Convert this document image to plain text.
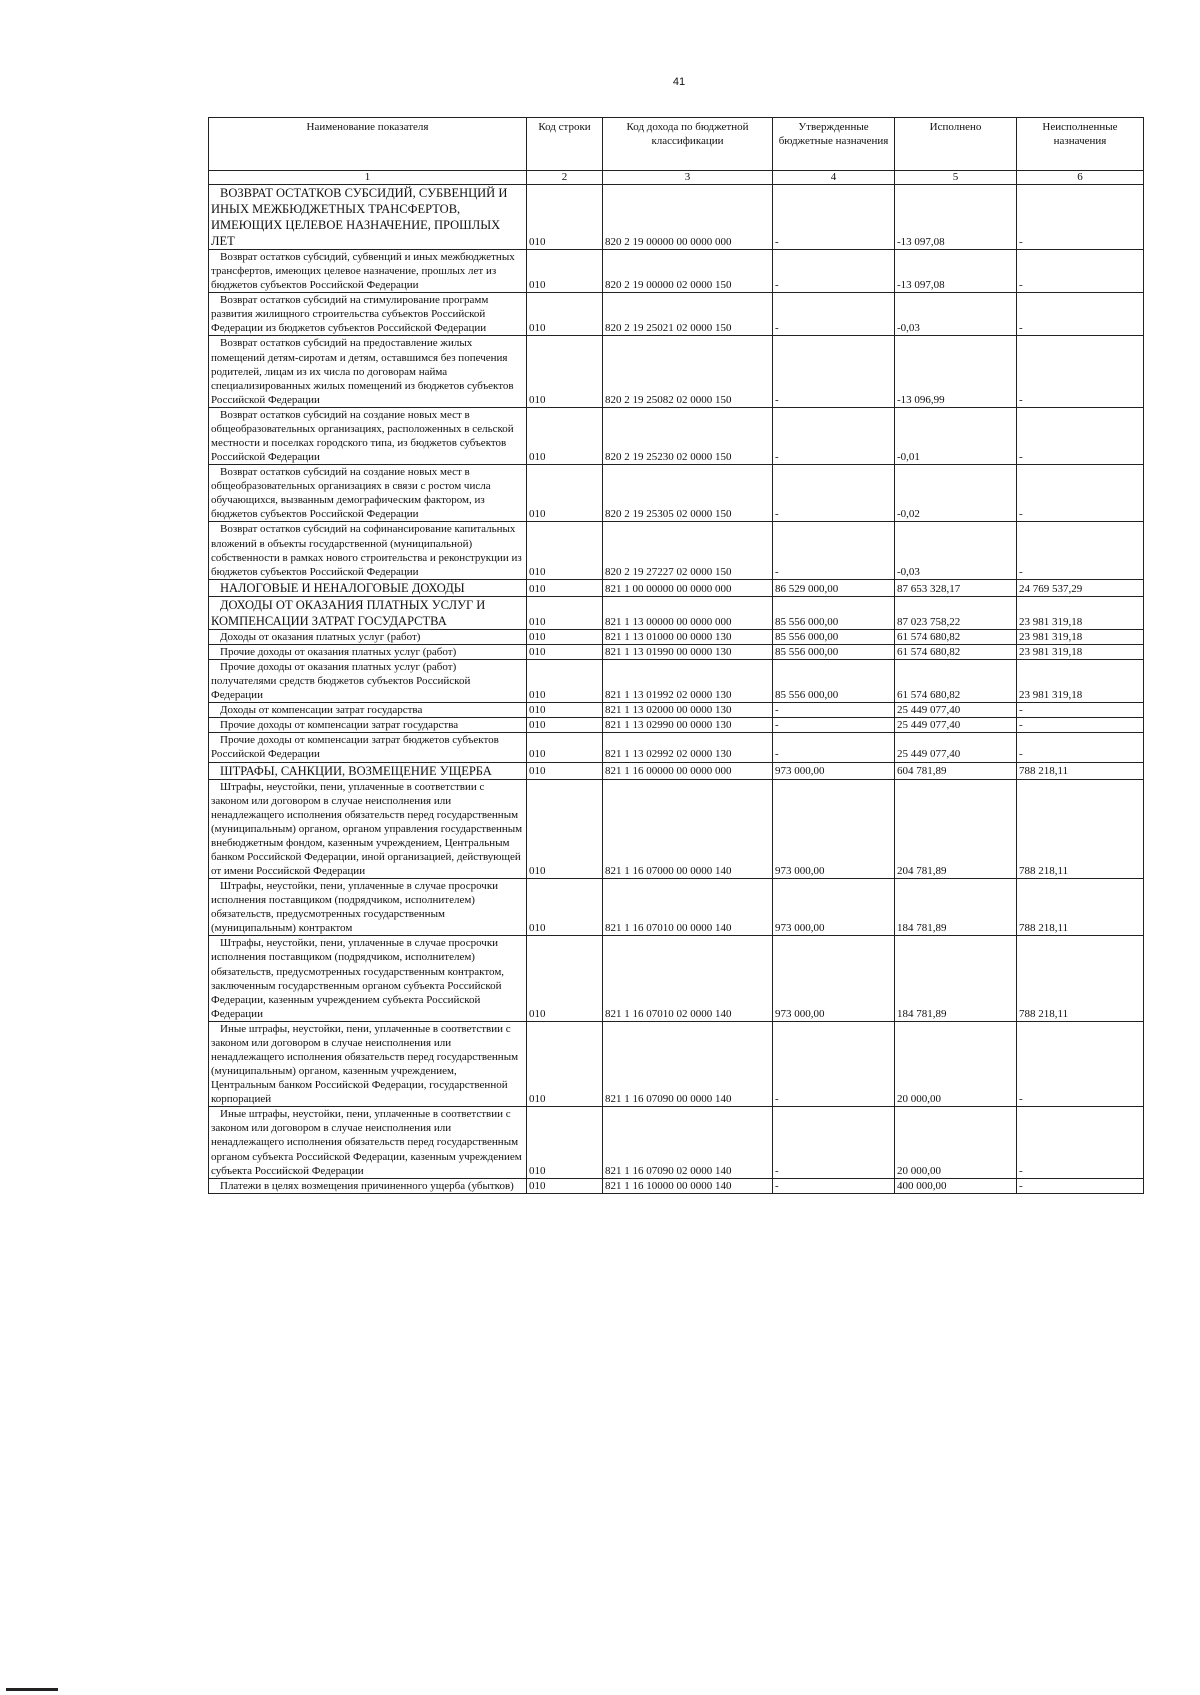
41
Наименование показателя	Код строки	Код дохода по бюджетной классификации	Утвержденные бюджетные назначения	Исполнено	Неисполненные назначения
1	2	3	4	5	6
ВОЗВРАТ ОСТАТКОВ СУБСИДИЙ, СУБВЕНЦИЙ И ИНЫХ МЕЖБЮДЖЕТНЫХ ТРАНСФЕРТОВ, ИМЕЮЩИХ ЦЕЛЕВОЕ НАЗНАЧЕНИЕ, ПРОШЛЫХ ЛЕТ	010	820 2 19 00000 00 0000 000	-	-13 097,08	-
Возврат остатков субсидий, субвенций и иных межбюджетных трансфертов, имеющих целевое назначение, прошлых лет из бюджетов субъектов Российской Федерации	010	820 2 19 00000 02 0000 150	-	-13 097,08	-
Возврат остатков субсидий на стимулирование программ развития жилищного строительства субъектов Российской Федерации из бюджетов субъектов Российской Федерации	010	820 2 19 25021 02 0000 150	-	-0,03	-
Возврат остатков субсидий на предоставление жилых помещений детям-сиротам и детям, оставшимся без попечения родителей, лицам из их числа по договорам найма специализированных жилых помещений из бюджетов субъектов Российской Федерации	010	820 2 19 25082 02 0000 150	-	-13 096,99	-
Возврат остатков субсидий на создание новых мест в общеобразовательных организациях, расположенных в сельской местности и поселках городского типа, из бюджетов субъектов Российской Федерации	010	820 2 19 25230 02 0000 150	-	-0,01	-
Возврат остатков субсидий на создание новых мест в общеобразовательных организациях в связи с ростом числа обучающихся, вызванным демографическим фактором, из бюджетов субъектов Российской Федерации	010	820 2 19 25305 02 0000 150	-	-0,02	-
Возврат остатков субсидий на софинансирование капитальных вложений в объекты государственной (муниципальной) собственности в рамках нового строительства и реконструкции из бюджетов субъектов Российской Федерации	010	820 2 19 27227 02 0000 150	-	-0,03	-
НАЛОГОВЫЕ И НЕНАЛОГОВЫЕ ДОХОДЫ	010	821 1 00 00000 00 0000 000	86 529 000,00	87 653 328,17	24 769 537,29
ДОХОДЫ ОТ ОКАЗАНИЯ ПЛАТНЫХ УСЛУГ И КОМПЕНСАЦИИ ЗАТРАТ ГОСУДАРСТВА	010	821 1 13 00000 00 0000 000	85 556 000,00	87 023 758,22	23 981 319,18
Доходы от оказания платных услуг (работ)	010	821 1 13 01000 00 0000 130	85 556 000,00	61 574 680,82	23 981 319,18
Прочие доходы от оказания платных услуг (работ)	010	821 1 13 01990 00 0000 130	85 556 000,00	61 574 680,82	23 981 319,18
Прочие доходы от оказания платных услуг (работ) получателями средств бюджетов субъектов Российской Федерации	010	821 1 13 01992 02 0000 130	85 556 000,00	61 574 680,82	23 981 319,18
Доходы от компенсации затрат государства	010	821 1 13 02000 00 0000 130	-	25 449 077,40	-
Прочие доходы от компенсации затрат государства	010	821 1 13 02990 00 0000 130	-	25 449 077,40	-
Прочие доходы от компенсации затрат бюджетов субъектов Российской Федерации	010	821 1 13 02992 02 0000 130	-	25 449 077,40	-
ШТРАФЫ, САНКЦИИ, ВОЗМЕЩЕНИЕ УЩЕРБА	010	821 1 16 00000 00 0000 000	973 000,00	604 781,89	788 218,11
Штрафы, неустойки, пени, уплаченные в соответствии с законом или договором в случае неисполнения или ненадлежащего исполнения обязательств перед государственным (муниципальным) органом, органом управления государственным внебюджетным фондом, казенным учреждением, Центральным банком Российской Федерации, иной организацией, действующей от имени Российской Федерации	010	821 1 16 07000 00 0000 140	973 000,00	204 781,89	788 218,11
Штрафы, неустойки, пени, уплаченные в случае просрочки исполнения поставщиком (подрядчиком, исполнителем) обязательств, предусмотренных государственным (муниципальным) контрактом	010	821 1 16 07010 00 0000 140	973 000,00	184 781,89	788 218,11
Штрафы, неустойки, пени, уплаченные в случае просрочки исполнения поставщиком (подрядчиком, исполнителем) обязательств, предусмотренных государственным контрактом, заключенным государственным органом субъекта Российской Федерации, казенным учреждением субъекта Российской Федерации	010	821 1 16 07010 02 0000 140	973 000,00	184 781,89	788 218,11
Иные штрафы, неустойки, пени, уплаченные в соответствии с законом или договором в случае неисполнения или ненадлежащего исполнения обязательств перед государственным (муниципальным) органом, казенным учреждением, Центральным банком Российской Федерации, государственной корпорацией	010	821 1 16 07090 00 0000 140	-	20 000,00	-
Иные штрафы, неустойки, пени, уплаченные в соответствии с законом или договором в случае неисполнения или ненадлежащего исполнения обязательств перед государственным органом субъекта Российской Федерации, казенным учреждением субъекта Российской Федерации	010	821 1 16 07090 02 0000 140	-	20 000,00	-
Платежи в целях возмещения причиненного ущерба (убытков)	010	821 1 16 10000 00 0000 140	-	400 000,00	-
